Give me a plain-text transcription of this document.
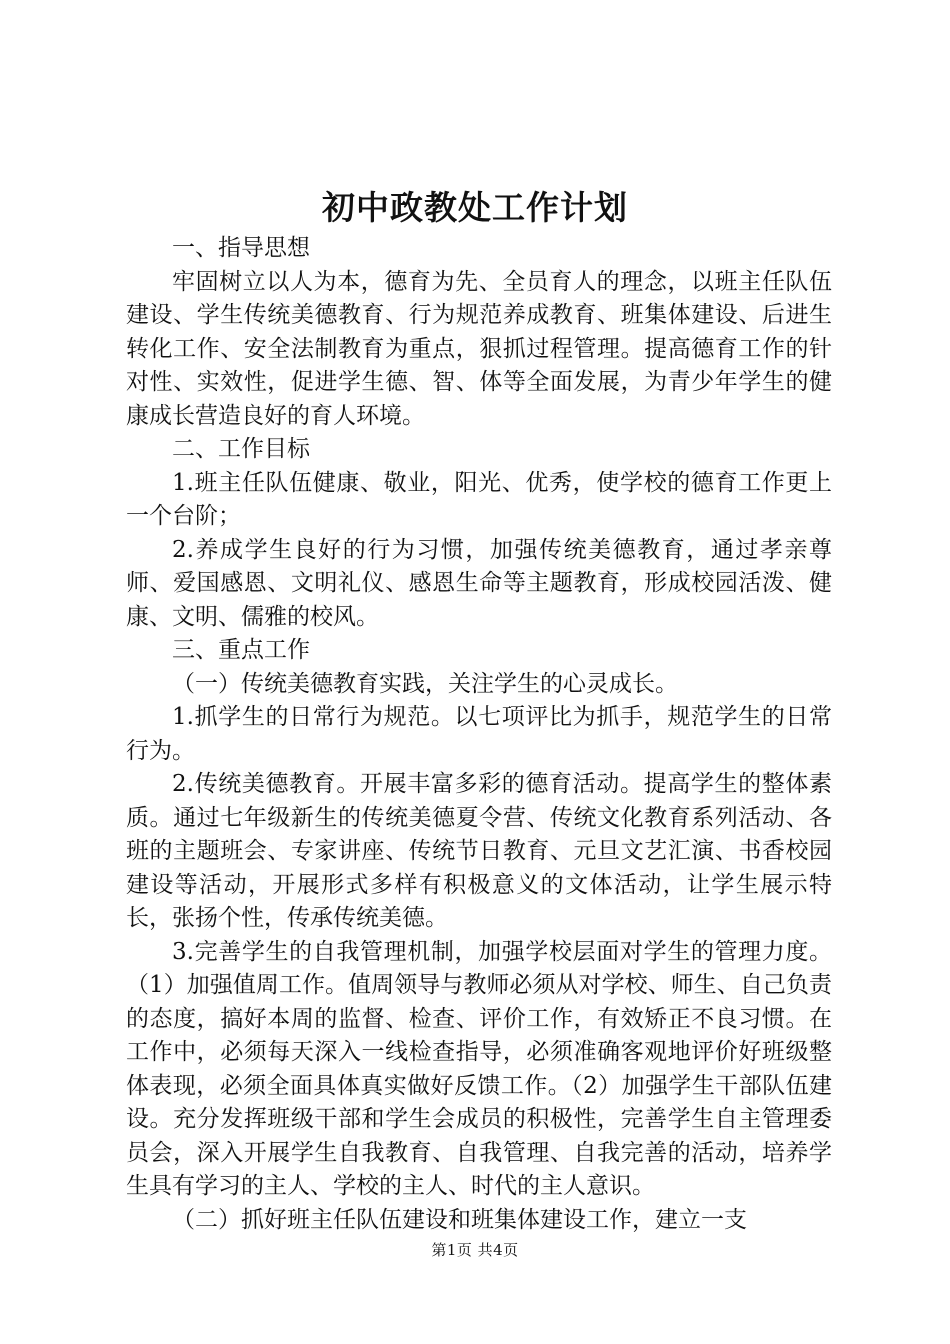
初中政教处工作计划

一、指导思想

牢固树立以人为本，德育为先、全员育人的理念，以班主任队伍建设、学生传统美德教育、行为规范养成教育、班集体建设、后进生转化工作、安全法制教育为重点，狠抓过程管理。提高德育工作的针对性、实效性，促进学生德、智、体等全面发展，为青少年学生的健康成长营造良好的育人环境。

二、工作目标

1.班主任队伍健康、敬业，阳光、优秀，使学校的德育工作更上一个台阶；

2.养成学生良好的行为习惯，加强传统美德教育，通过孝亲尊师、爱国感恩、文明礼仪、感恩生命等主题教育，形成校园活泼、健康、文明、儒雅的校风。

三、重点工作

（一）传统美德教育实践，关注学生的心灵成长。

1.抓学生的日常行为规范。以七项评比为抓手，规范学生的日常行为。

2.传统美德教育。开展丰富多彩的德育活动。提高学生的整体素质。通过七年级新生的传统美德夏令营、传统文化教育系列活动、各班的主题班会、专家讲座、传统节日教育、元旦文艺汇演、书香校园建设等活动，开展形式多样有积极意义的文体活动，让学生展示特长，张扬个性，传承传统美德。

3.完善学生的自我管理机制，加强学校层面对学生的管理力度。（1）加强值周工作。值周领导与教师必须从对学校、师生、自己负责的态度，搞好本周的监督、检查、评价工作，有效矫正不良习惯。在工作中，必须每天深入一线检查指导，必须准确客观地评价好班级整体表现，必须全面具体真实做好反馈工作。（2）加强学生干部队伍建设。充分发挥班级干部和学生会成员的积极性，完善学生自主管理委员会，深入开展学生自我教育、自我管理、自我完善的活动，培养学生具有学习的主人、学校的主人、时代的主人意识。

（二）抓好班主任队伍建设和班集体建设工作，建立一支

第1页 共4页
